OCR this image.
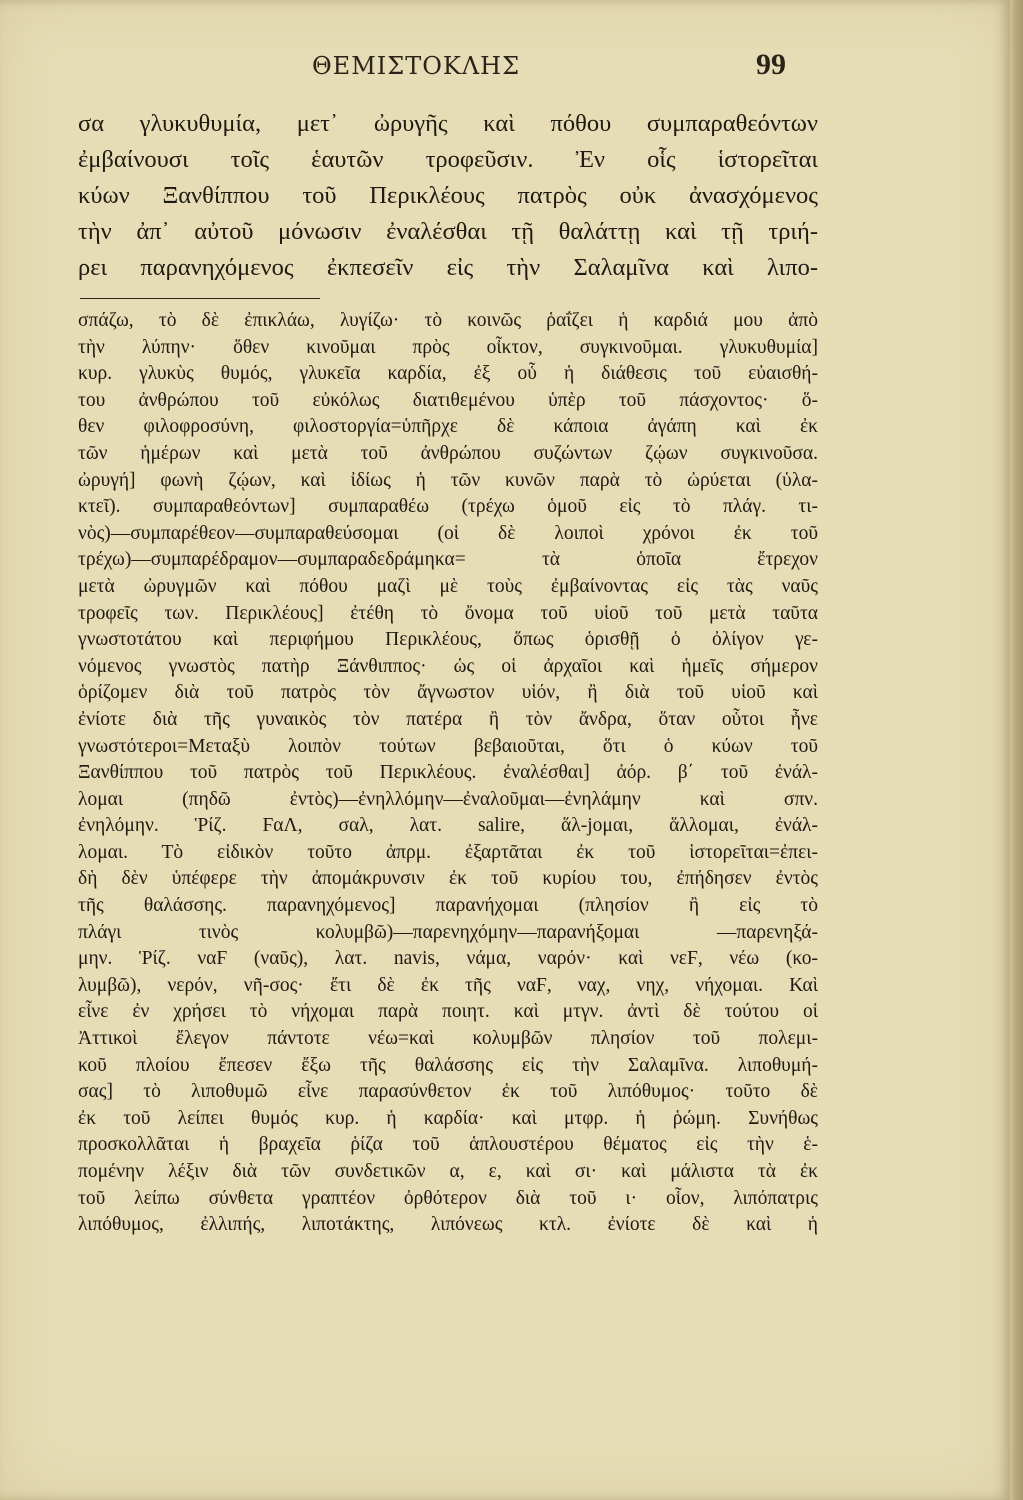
ΘΕΜΙΣΤΟΚΛΗΣ	99
σα γλυκυθυμία, μετ᾽ ὠρυγῆς καὶ πόθου συμπαραθεόντων
ἐμβαίνουσι τοῖς ἑαυτῶν τροφεῦσιν. Ἐν οἷς ἱστορεῖται
κύων Ξανθίππου τοῦ Περικλέους πατρὸς οὐκ ἀνασχόμενος
τὴν ἀπ᾽ αὐτοῦ μόνωσιν ἐναλέσθαι τῇ θαλάττῃ καὶ τῇ τριή-
ρει παρανηχόμενος ἐκπεσεῖν εἰς τὴν Σαλαμῖνα καὶ λιπο-
σπάζω, τὸ δὲ ἐπικλάω, λυγίζω· τὸ κοινῶς ῥαΐζει ἡ καρδιά μου ἀπὸ
τὴν λύπην· ὅθεν κινοῦμαι πρὸς οἶκτον, συγκινοῦμαι. γλυκυθυμία]
κυρ. γλυκὺς θυμός, γλυκεῖα καρδία, ἐξ οὗ ἡ διάθεσις τοῦ εὐαισθή-
του ἀνθρώπου τοῦ εὐκόλως διατιθεμένου ὑπὲρ τοῦ πάσχοντος· ὅ-
θεν φιλοφροσύνη, φιλοστοργία=ὑπῆρχε δὲ κάποια ἀγάπη καὶ ἐκ
τῶν ἡμέρων καὶ μετὰ τοῦ ἀνθρώπου συζώντων ζῴων συγκινοῦσα.
ὠρυγή] φωνὴ ζῴων, καὶ ἰδίως ἡ τῶν κυνῶν παρὰ τὸ ὠρύεται (ὑλα-
κτεῖ). συμπαραθεόντων] συμπαραθέω (τρέχω ὁμοῦ εἰς τὸ πλάγ. τι-
νὸς)—συμπαρέθεον—συμπαραθεύσομαι (οἱ δὲ λοιποὶ χρόνοι ἐκ τοῦ
τρέχω)—συμπαρέδραμον—συμπαραδεδράμηκα= τὰ ὁποῖα ἔτρεχον
μετὰ ὠρυγμῶν καὶ πόθου μαζὶ μὲ τοὺς ἐμβαίνοντας εἰς τὰς ναῦς
τροφεῖς των. Περικλέους] ἐτέθη τὸ ὄνομα τοῦ υἱοῦ τοῦ μετὰ ταῦτα
γνωστοτάτου καὶ περιφήμου Περικλέους, ὅπως ὁρισθῇ ὁ ὀλίγον γε-
νόμενος γνωστὸς πατὴρ Ξάνθιππος· ὡς οἱ ἀρχαῖοι καὶ ἡμεῖς σήμερον
ὁρίζομεν διὰ τοῦ πατρὸς τὸν ἄγνωστον υἱόν, ἢ διὰ τοῦ υἱοῦ καὶ
ἐνίοτε διὰ τῆς γυναικὸς τὸν πατέρα ἢ τὸν ἄνδρα, ὅταν οὗτοι ἦνε
γνωστότεροι=Μεταξὺ λοιπὸν τούτων βεβαιοῦται, ὅτι ὁ κύων τοῦ
Ξανθίππου τοῦ πατρὸς τοῦ Περικλέους. ἐναλέσθαι] ἀόρ. β΄ τοῦ ἐνάλ-
λομαι (πηδῶ ἐντὸς)—ἐνηλλόμην—ἐναλοῦμαι—ἐνηλάμην καὶ σπν.
ἐνηλόμην. Ῥίζ. ϜαΛ, σαλ, λατ. salire, ἅλ-jομαι, ἅλλομαι, ἐνάλ-
λομαι. Τὸ εἰδικὸν τοῦτο ἀπρμ. ἐξαρτᾶται ἐκ τοῦ ἱστορεῖται=ἐπει-
δὴ δὲν ὑπέφερε τὴν ἀπομάκρυνσιν ἐκ τοῦ κυρίου του, ἐπήδησεν ἐντὸς
τῆς θαλάσσης. παρανηχόμενος] παρανήχομαι (πλησίον ἢ εἰς τὸ
πλάγι τινὸς κολυμβῶ)—παρενηχόμην—παρανήξομαι —παρενηξά-
μην. Ῥίζ. ναϜ (ναῦς), λατ. navis, νάμα, ναρόν· καὶ νεϜ, νέω (κο-
λυμβῶ), νερόν, νῆ-σος· ἔτι δὲ ἐκ τῆς ναϜ, ναχ, νηχ, νήχομαι. Καὶ
εἶνε ἐν χρήσει τὸ νήχομαι παρὰ ποιητ. καὶ μτγν. ἀντὶ δὲ τούτου οἱ
Ἀττικοὶ ἔλεγον πάντοτε νέω=καὶ κολυμβῶν πλησίον τοῦ πολεμι-
κοῦ πλοίου ἔπεσεν ἔξω τῆς θαλάσσης εἰς τὴν Σαλαμῖνα. λιποθυμή-
σας] τὸ λιποθυμῶ εἶνε παρασύνθετον ἐκ τοῦ λιπόθυμος· τοῦτο δὲ
ἐκ τοῦ λείπει θυμός κυρ. ἡ καρδία· καὶ μτφρ. ἡ ῥώμη. Συνήθως
προσκολλᾶται ἡ βραχεῖα ῥίζα τοῦ ἁπλουστέρου θέματος εἰς τὴν ἑ-
πομένην λέξιν διὰ τῶν συνδετικῶν α, ε, καὶ σι· καὶ μάλιστα τὰ ἐκ
τοῦ λείπω σύνθετα γραπτέον ὀρθότερον διὰ τοῦ ι· οἷον, λιπόπατρις
λιπόθυμος, ἐλλιπής, λιποτάκτης, λιπόνεως κτλ. ἐνίοτε δὲ καὶ ἡ
